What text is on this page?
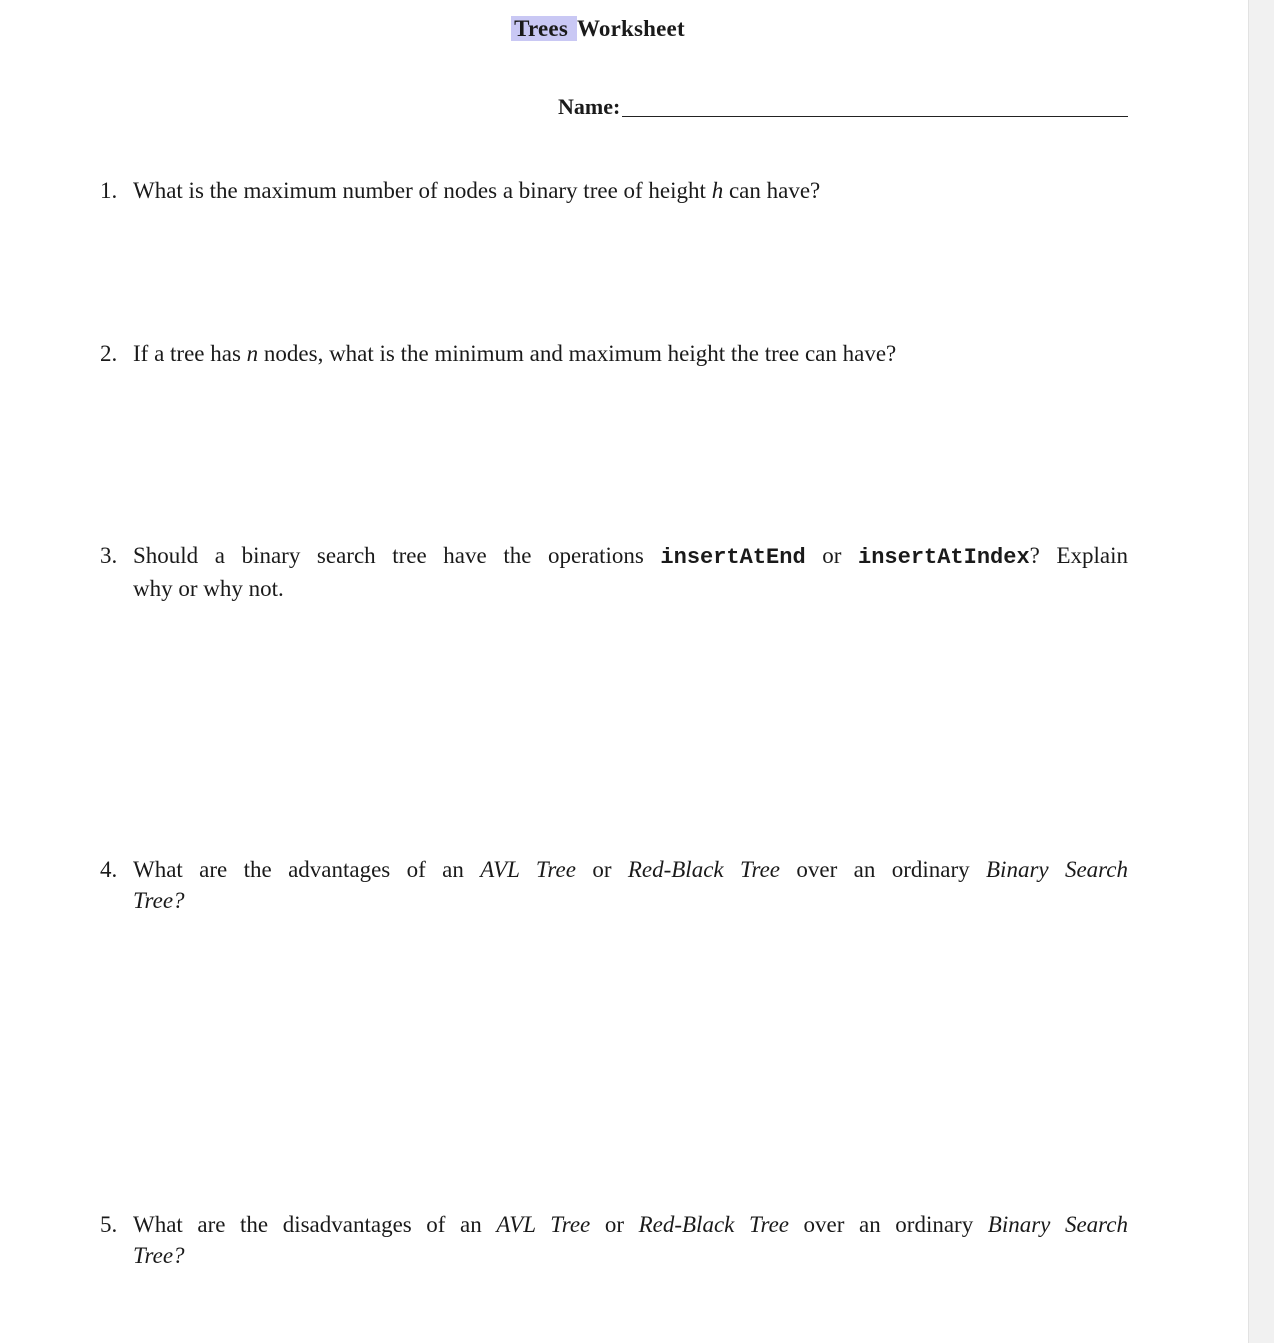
Trees Worksheet
Name:
1. What is the maximum number of nodes a binary tree of height h can have?
2. If a tree has n nodes, what is the minimum and maximum height the tree can have?
3. Should a binary search tree have the operations insertAtEnd or insertAtIndex? Explain
why or why not.
4. What are the advantages of an AVL Tree or Red-Black Tree over an ordinary Binary Search
Tree?
5. What are the disadvantages of an AVL Tree or Red-Black Tree over an ordinary Binary Search
Tree?
